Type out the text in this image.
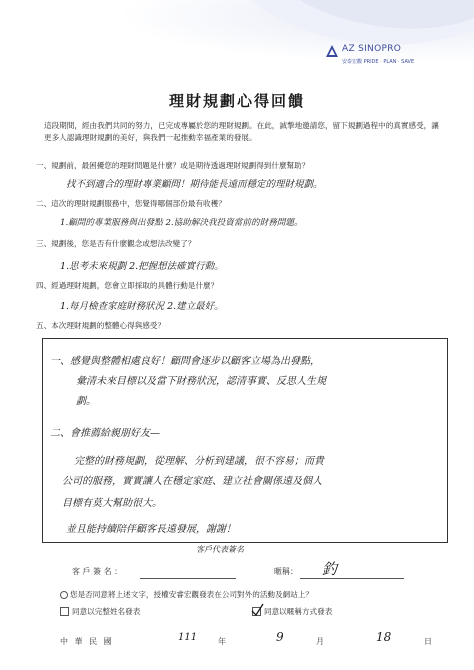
AZ SINOPRO
安泰宏觀 PRIDE · PLAN · SAVE
理財規劃心得回饋
這段期間，經由我們共同的努力，已完成專屬於您的理財規劃。在此，誠摯地邀請您，留下規劃過程中的真實感受，讓更多人認識理財規劃的美好，與我們一起推動幸福產業的發展。
一、規劃前，最困擾您的理財問題是什麼？或是期待透過理財規劃得到什麼幫助？
找不到適合的理財專業顧問！期待能長遠而穩定的理財規劃。
二、這次的理財規劃服務中，您覺得哪個部份最有收穫？
1.顧問的專業服務與出發點 2.協助解決我投資當前的財務問題。
三、規劃後，您是否有什麼觀念或想法改變了？
1.思考未來規劃 2.把握想法確實行動。
四、經過理財規劃，您會立即採取的具體行動是什麼？
1.每月檢查家庭財務狀況 2.建立最好。
五、本次理財規劃的整體心得與感受？
一、感覺與整體相處良好！顧問會逐步以顧客立場為出發點，
彙清未來目標以及當下財務狀況，認清事實、反思人生規
劃。
二、會推薦給親朋好友—
完整的財務規劃，從理解、分析到建議，很不容易；而貴
公司的服務，實實讓人在穩定家庭、建立社會關係遠及個人
目標有莫大幫助很大。
並且能持續陪伴顧客長遠發展，謝謝！
客戶代表簽名
客 戶 簽 名 ：	暱稱： 釣
您是否同意將上述文字，授權安睿宏觀發表在公司對外的活動及網站上？
同意以完整姓名發表	同意以暱稱方式發表
中 華 民 國	111	年	9	月	18	日
